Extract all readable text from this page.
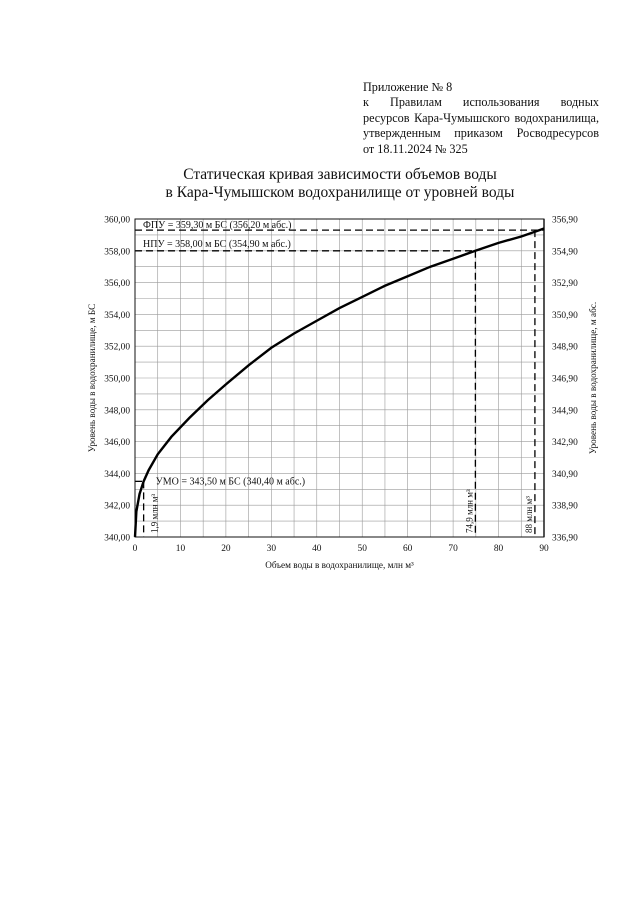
Приложение № 8
к Правилам использования водных
ресурсов Кара-Чумышского водохранилища,
утвержденным приказом Росводресурсов
от 18.11.2024 № 325
Статическая кривая зависимости объемов воды
в Кара-Чумышском водохранилище от уровней воды
0	10	20	30	40	50	60	70	80	90
340,00
342,00
344,00
346,00
348,00
350,00
352,00
354,00
356,00
358,00
360,00
336,90
338,90
340,90
342,90
344,90
346,90
348,90
350,90
352,90
354,90
356,90
ФПУ = 359,30 м БС (356,20 м абс.)
НПУ = 358,00 м БС (354,90 м абс.)
УМО = 343,50 м БС (340,40 м абс.)
1,9 млн м³	74,9 млн м³	88 млн м³
Объем воды в водохранилище, млн м³
Уровень воды в водохранилище, м БС	Уровень воды в водохранилище, м абс.
